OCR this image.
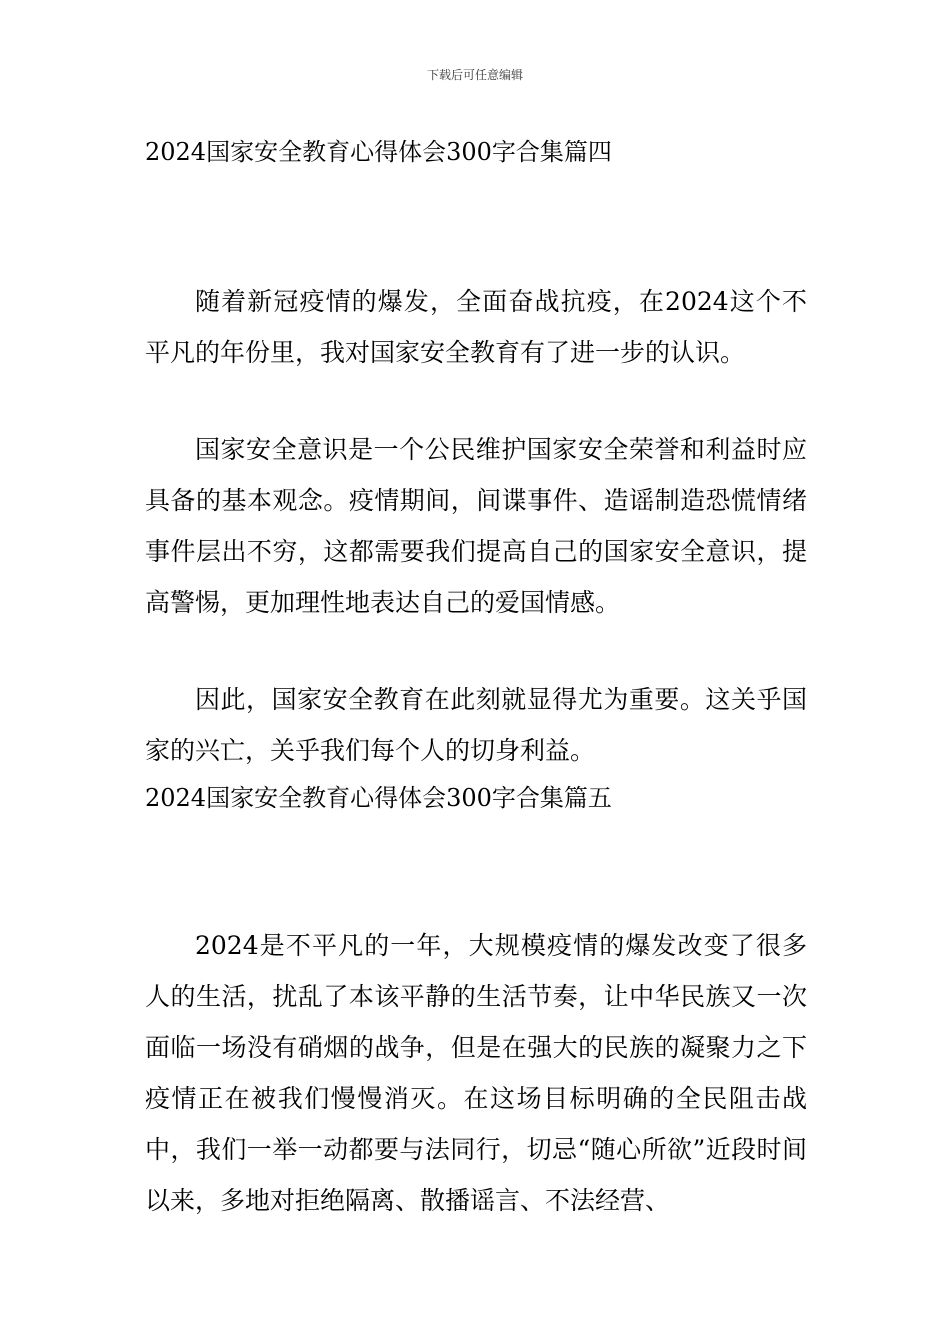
下载后可任意编辑
2024国家安全教育心得体会300字合集篇四

随着新冠疫情的爆发，全面奋战抗疫，在2024这个不平凡的年份里，我对国家安全教育有了进一步的认识。

国家安全意识是一个公民维护国家安全荣誉和利益时应具备的基本观念。疫情期间，间谍事件、造谣制造恐慌情绪事件层出不穷，这都需要我们提高自己的国家安全意识，提高警惕，更加理性地表达自己的爱国情感。

因此，国家安全教育在此刻就显得尤为重要。这关乎国家的兴亡，关乎我们每个人的切身利益。

2024国家安全教育心得体会300字合集篇五

2024是不平凡的一年，大规模疫情的爆发改变了很多人的生活，扰乱了本该平静的生活节奏，让中华民族又一次面临一场没有硝烟的战争，但是在强大的民族的凝聚力之下疫情正在被我们慢慢消灭。在这场目标明确的全民阻击战中，我们一举一动都要与法同行，切忌“随心所欲”近段时间以来，多地对拒绝隔离、散播谣言、不法经营、
